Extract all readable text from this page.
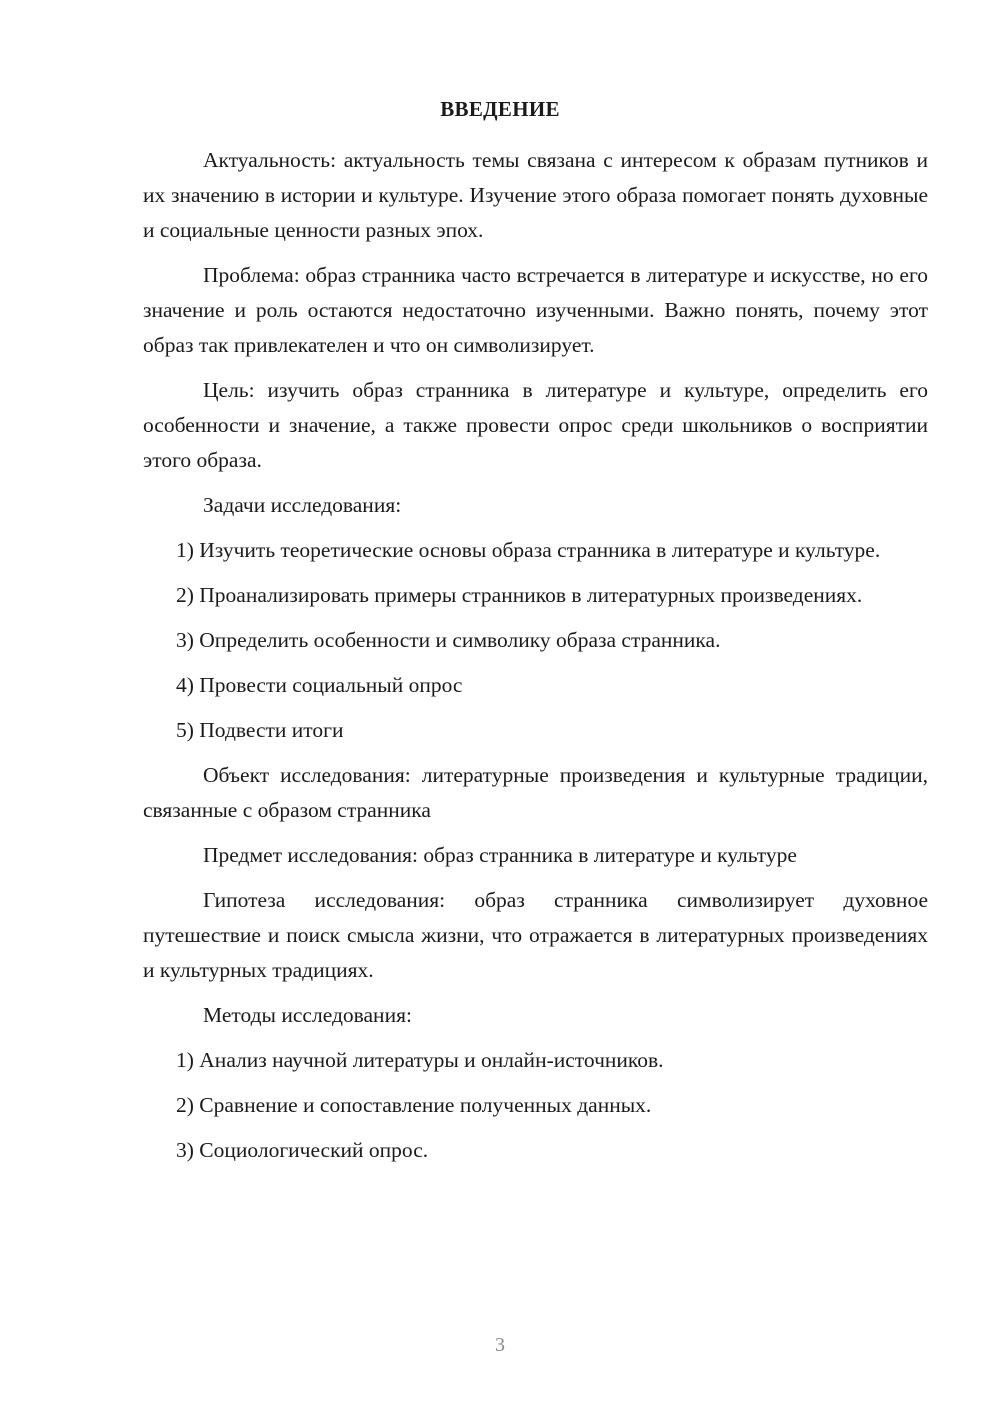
ВВЕДЕНИЕ

Актуальность: актуальность темы связана с интересом к образам путников и их значению в истории и культуре. Изучение этого образа помогает понять духовные и социальные ценности разных эпох.

Проблема: образ странника часто встречается в литературе и искусстве, но его значение и роль остаются недостаточно изученными. Важно понять, почему этот образ так привлекателен и что он символизирует.

Цель: изучить образ странника в литературе и культуре, определить его особенности и значение, а также провести опрос среди школьников о восприятии этого образа.

Задачи исследования:

1) Изучить теоретические основы образа странника в литературе и культуре.

2) Проанализировать примеры странников в литературных произведениях.

3) Определить особенности и символику образа странника.

4) Провести социальный опрос

5) Подвести итоги

Объект исследования: литературные произведения и культурные традиции, связанные с образом странника

Предмет исследования: образ странника в литературе и культуре

Гипотеза исследования: образ странника символизирует духовное путешествие и поиск смысла жизни, что отражается в литературных произведениях и культурных традициях.

Методы исследования:

1) Анализ научной литературы и онлайн-источников.

2) Сравнение и сопоставление полученных данных.

3) Социологический опрос.

3
